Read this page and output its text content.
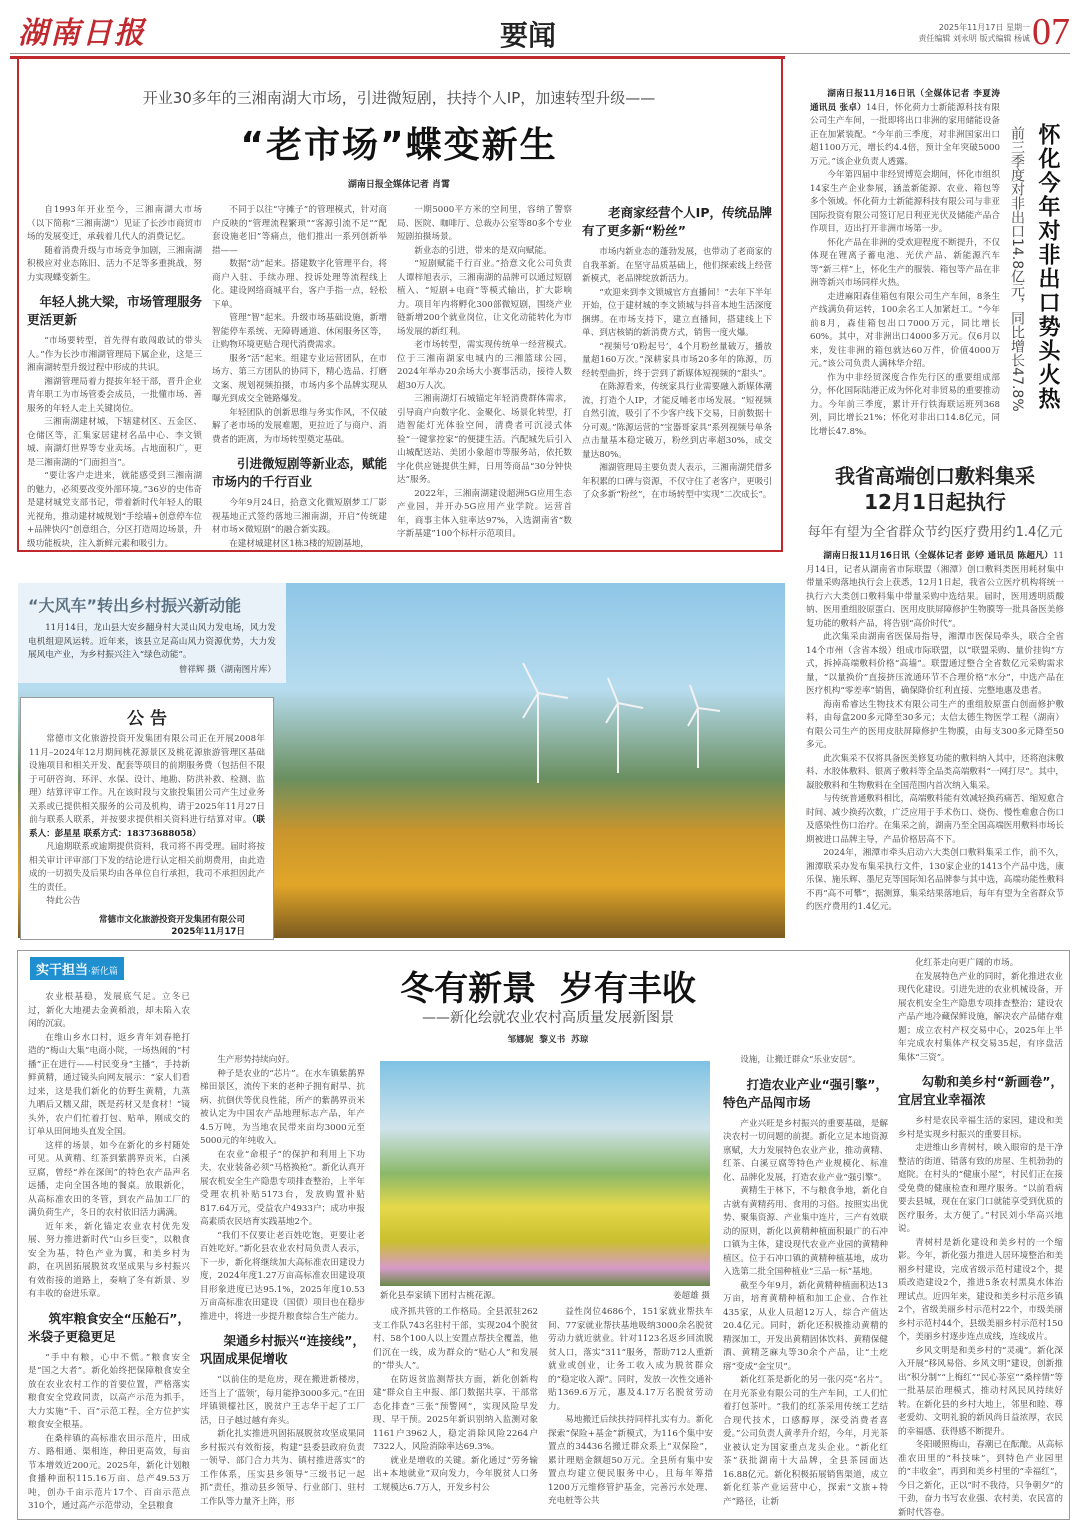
湖南日报	要闻	2025年11月17日 星期一
责任编辑 刘永明 版式编辑 杨诚 07
开业30多年的三湘南湖大市场，引进微短剧，扶持个人IP，加速转型升级——
“老市场”蝶变新生
湖南日报全媒体记者 肖霄

自1993年开业至今，三湘南湖大市场（以下简称“三湘南湖”）见证了长沙市商贸市场的发展变迁，承载着几代人的消费记忆。

随着消费升级与市场竞争加剧，三湘南湖积极应对业态陈旧、活力不足等多重挑战，努力实现蝶变新生。

年轻人挑大梁，市场管理服务
更活更新

“市场要转型，首先得有敢闯敢试的带头人。”作为长沙市湘湖管理局下属企业，这是三湘南湖转型升级过程中形成的共识。

湘湖管理局着力提拔年轻干部，晋升企业青年职工为市场管委会成员，一批懂市场、善服务的年轻人走上关键岗位。

三湘南湖建材城，下辖建材区、五金区、仓储区等，汇集家居建材名品中心、李文锁城、南湖灯世界等专业卖场。占地面积广，更是三湘南湖的“门面担当”。

“要让客户走进来，就能感受到三湘南湖的魅力，必须要改变外部环境。”36岁的史伟奇是建材城党支部书记，带着新时代年轻人的眼光视角，推动建材城规划“手绘墙+创意停车位+品牌快闪”创意组合，分区打造周边场景，升级功能板块，注入新鲜元素和吸引力。

不同于以往“守摊子”的管理模式，针对商户反映的“管理流程繁琐”“客源引流不足”“配套设施老旧”等痛点，他们推出一系列创新举措——

数据“动”起来。搭建数字化管理平台，将商户入驻、手续办理、投诉处理等流程线上化。建设网络商城平台，客户手指一点，轻松下单。

管理“智”起来。升级市场基础设施，新增智能停车系统、无障碍通道、休闲服务区等，让购物环境更贴合现代消费需求。

服务“活”起来。组建专业运营团队，在市场方、第三方团队的协同下，精心选品、打磨文案、规划视频拍摄，市场内多个品牌实现从曝光到成交全链路爆发。

年轻团队的创新思维与务实作风，不仅破解了老市场的发展难题，更拉近了与商户、消费者的距离，为市场转型奠定基础。

引进微短剧等新业态，赋能
市场内的千行百业

今年9月24日，拾意文化微短剧梦工厂影视基地正式签约落地三湘南湖，开启“传统建材市场×微短剧”的融合新实践。

在建材城建材区1栋3楼的短剧基地，

一期5000平方米的空间里，容纳了警察局、医院、咖啡厅、总裁办公室等80多个专业短剧拍摄场景。

新业态的引进，带来的是双向赋能。

“短剧赋能千行百业。”拾意文化公司负责人谭梓旭表示，三湘南湖的品牌可以通过短剧植入、“短剧+电商”等模式输出，扩大影响力。项目年内将孵化300部微短剧，围绕产业链新增200个就业岗位，让文化动能转化为市场发展的新红利。

老市场转型，需实现传统单一经营模式。位于三湘南湖家电城内的三湘篮球公园，2024年举办20余场大小赛事活动，接待人数超30万人次。

三湘南湖灯石城锚定年轻消费群体需求，引导商户向数字化、金聚化、场景化转型，打造智能灯光体验空间，清费者可沉浸式体验“一键掌控家”的便捷生活。汽配城先后引入山城配送站、美团小象超市等服务站，依托数字化供应链提供生鲜，日用等商品“30分钟快达”服务。

2022年，三湘南湖建设超洲5G应用生态产业园，并开办5G应用产业学院。运营首年，商事主体入驻率达97%，入选湖南省“数字新基建”100个标杆示范项目。

老商家经营个人IP，传统品牌
有了更多新“粉丝”

市场内新业态的蓬勃发展，也带动了老商家的自我革新。在坚守品质基础上，他们探索线上经营新模式，老品牌绽放新活力。

“欢迎来到李文锁城官方直播间！”去年下半年开始，位于建材城的李文锁城与抖音本地生活深度捆绑。在市场支持下，建立直播间，搭建线上下单、到店核销的新消费方式，销售一度火爆。

“视频号‘0粉起号’，4个月粉丝量破万，播放量超160万次。”深耕家具市场20多年的陈源，历经转型曲折，终于尝到了新媒体短视频的“甜头”。

在陈源看来，传统家具行业需要融入新媒体潮流，打造个人IP，才能反哺老市场发展。“短视频自然引流，吸引了不少客户线下交易，日前数据十分可观。”陈源运营的“宝器哥家具”系列视频号单条点击量基本稳定破万，粉丝到店率超30%，成交量达80%。

湘湖管理局主要负责人表示，三湘南湖凭借多年积累的口碑与资源，不仅守住了老客户，更吸引了众多新“粉丝”，在市场转型中实现“二次成长”。

湖南日报11月16日讯（全媒体记者 李夏涛 通讯员 张卓）14日，怀化荷力士新能源科技有限公司生产车间，一批即将出口非洲的家用储能设备正在加紧装配。“今年前三季度，对非洲国家出口超1100万元，增长约4.4倍，预计全年突破5000万元。”该企业负责人透露。

今年第四届中非经贸博览会期间，怀化市组织14家生产企业参展，涵盖新能源、农业、箱包等多个领域。怀化荷力士新能源科技有限公司与非亚国际投资有限公司签订尼日利亚光伏及储能产品合作项目，迈出打开非洲市场第一步。

怀化产品在非洲的受欢迎程度不断提升，不仅体现在锂离子蓄电池、光伏产品、新能源汽车等“新三样”上，怀化生产的服装、箱包等产品在非洲等新兴市场同样火热。

走进麻阳森佳箱包有限公司生产车间，8条生产线满负荷运转，100余名工人加紧赶工。“今年前8月，森佳箱包出口7000万元，同比增长60%。其中，对非洲出口4000多万元。仅6月以来，发往非洲的箱包就达60万件，价值4000万元。”该公司负责人满林华介绍。

作为中非经贸深度合作先行区的重要组成部分，怀化国际陆港正成为怀化对非贸易的重要推动力。今年前三季度，累计开行铁海联运班列368列，同比增长21%；怀化对非出口14.8亿元，同比增长47.8%。

怀化今年对非出口势头火热
前三季度对非出口14.8亿元，同比增长47.8%
我省高端创口敷料集采
12月1日起执行
每年有望为全省群众节约医疗费用约1.4亿元

湖南日报11月16日讯（全媒体记者 彭婷 通讯员 陈超凡）11月14日，记者从湖南省市际联盟（湘潭）创口敷料类医用耗材集中带量采购落地执行会上获悉，12月1日起，我省公立医疗机构将统一执行六大类创口敷料集中带量采购中选结果。届时，医用透明质酸钠、医用重组胶原蛋白、医用皮肤屏障修护生物膜等一批具备医美修复功能的敷料产品，将告别“高价时代”。

此次集采由湖南省医保局指导，湘潭市医保局牵头，联合全省14个市州（含省本级）组成市际联盟，以“联盟采购、量价挂钩”方式，拆掉高端敷料价格“高墙”。联盟通过整合全省数亿元采购需求量，“以量换价”直接挤压流通环节不合理价格“水分”，中选产品在医疗机构“零差率”销售，确保降价红利直接、完整地惠及患者。

海南希睿达生物技术有限公司生产的重组胶原蛋白创面修护敷料，由每盒200多元降至30多元；太信太德生物医学工程（湖南）有限公司生产的医用皮肤屏障修护生物膜，由每支300多元降至50多元。

此次集采不仅将具备医美修复功能的敷料纳入其中，还将泡沫敷料、水胶体敷料、银离子敷料等全品类高端敷料“一网打尽”。其中，凝胶敷料和生物敷料在全国范围内首次纳入集采。

与传统普通敷料相比，高端敷料能有效减轻换药痛苦、缩短愈合时间、减少换药次数，广泛应用于手术伤口、烧伤、慢性难愈合伤口及感染性伤口治疗。在集采之前，湖南乃至全国高端医用敷料市场长期被进口品牌主导，产品价格居高不下。

2024年，湘潭市牵头启动六大类创口敷料集采工作，前不久，湘潭联采办发布集采执行文件，130家企业的1413个产品中选，康乐保、施乐辉、墨尼克等国际知名品牌参与其中选，高端功能性敷料不再“高不可攀”，据测算，集采结果落地后，每年有望为全省群众节约医疗费用约1.4亿元。

“大风车”转出乡村振兴新动能
11月14日，龙山县大安乡翻身村大灵山风力发电场，风力发电机组迎风运转。近年来，该县立足高山风力资源优势，大力发展风电产业，为乡村振兴注入“绿色动能”。
曾祥辉 摄（湖南图片库）
公 告

常德市文化旅游投资开发集团有限公司正在开展2008年11月–2024年12月期间桃花源景区及桃花源旅游管理区基础设施项目和相关开发、配套等项目的前期服务费（包括但不限于可研咨询、环评、水保、设计、地勘、防洪补救、检测、监理）结算评审工作。凡在该时段与文旅投集团公司产生过业务关系或已提供相关服务的公司及机构，请于2025年11月27日前与联系人联系，并按要求提供相关资料进行结算对审。（联系人：彭星星 联系方式：18373688058）

凡逾期联系或逾期提供资料，我司将不再受理。届时将按相关审计评审部门下发的结论进行认定相关前期费用，由此造成的一切损失及后果均由各单位自行承担，我司不承担因此产生的责任。

特此公告

常德市文化旅游投资开发集团有限公司
2025年11月17日
实干担当·新化篇	冬有新景  岁有丰收
——新化绘就农业农村高质量发展新图景
邹娜妮  黎义书  苏琼

农业根基稳，发展底气足。立冬已过，新化大地褪去金黄稻浪，却未陷入农闲的沉寂。

在维山乡水口村，返乡青年刘春艳打造的“梅山大集”电商小院，一场热闹的“村播”正在进行——村民变身“主播”，手持新鲜黄精，通过镜头向网友展示：“家人们看过来，这是我们新化的仿野生黄精，九蒸九晒后又糯又甜，既是药材又是食材！”镜头外，农户们忙着打包、贴单，刚成交的订单从田间地头直发全国。

这样的场景，如今在新化的乡村随处可见。从黄精、红茶到紫鹊界贡米，白溪豆腐，曾经“养在深闺”的特色农产品声名远播，走向全国各地的餐桌。放眼新化，从高标准农田的冬管，到农产品加工厂的满负荷生产，冬日的农村依旧活力满满。

近年来，新化锚定农业农村优先发展、努力推进新时代“山乡巨变”，以粮食安全为基，特色产业为翼，和美乡村为韵，在巩固拓展脱贫攻坚成果与乡村振兴有效衔接的道路上，奏响了冬有新景、岁有丰收的奋进乐章。

筑牢粮食安全“压舱石”，
米袋子更稳更足

“手中有粮，心中不慌。”粮食安全是“国之大者”。新化始终把保障粮食安全放在农业农村工作的首要位置，严格落实粮食安全党政同责，以高产示范为抓手，大力实施“千、百”示范工程，全方位护实粮食安全根基。

在桑梓镇的高标准农田示范片，田成方、路相通、渠相连，种田更高效，每亩节本增效近200元。2025年，新化计划粮食播种面积115.16万亩、总产49.53万吨，创办千亩示范片17个、百亩示范点310个，通过高产示范带动，全县粮食

生产形势持续向好。

种子是农业的“芯片”。在水车镇紫鹊界梯田景区，流传下来的老种子拥有耐旱、抗病、抗倒伏等优良性能，所产的紫鹊界贡米被认定为中国农产品地理标志产品，年产4.5万吨，为当地农民带来亩均3000元至5000元的年纯收入。

在农业“命根子”的保护和利用上下功夫，农业装备必须“马格换枪”。新化认真开展农机安全生产隐患专项排查整治，上半年受理农机补贴5173台，发放购置补贴817.64万元，受益农户4933户；成功申报高素质农民培育实践基地2个。

“我们不仅要让老百姓吃饱，更要让老百姓吃好。”新化县农业农村局负责人表示，下一步，新化将继续加大高标准农田建设力度，2024年度1.27万亩高标准农田建设项目形象进度已达95.1%，2025年度10.53万亩高标准农田建设（国债）项目也在稳步推进中，将进一步提升粮食综合生产能力。

架通乡村振兴“连接线”，
巩固成果促增收

“以前住的是危房，现在搬进新楼房，还当上了‘蓝领’，每月能挣3000多元。”在田坪镇锁檬社区，脱贫户王志华干起了工厂活，日子越过越有奔头。

新化扎实推进巩固拓展脱贫攻坚成果同乡村振兴有效衔接，构建“县委县政府负责一领导、部门合力共为、镇村推进落实”的工作体系，压实县乡领导“三级书记一起抓”责任，推动县乡领导、行业部门、驻村工作队等力量齐上阵，形

新化县奉家镇下团村古桃花源。	姜超雄 摄

成齐抓共管的工作格局。全县派驻262支工作队743名驻村干部，实现204个脱贫村、58个100人以上安置点帮扶全覆盖，他们沉在一线，成为群众的“贴心人”和发展的“带头人”。

在防返贫监测帮扶方面，新化创新构建“群众自主申报、部门数据共享、干部常态化排查”三张“预警网”，实现风险早发现、早干预。2025年新识别纳入监测对象1161户3962人，稳定消除风险2264户7322人，风险消除率达69.3%。

就业是增收的关键。新化通过“劳务输出+本地就业”双向发力，今年脱贫人口务工规模达6.7万人，开发乡村公

益性岗位4686个，151家就业帮扶车间、77家就业帮扶基地吸纳3000余名脱贫劳动力就近就业。针对1123名返乡回流脱贫人口，落实“311”服务，帮助712人重新就业或创业，让务工收入成为脱贫群众的“稳定收入源”。同时，发放一次性交通补贴1369.6万元，惠及4.17万名脱贫劳动力。

易地搬迁后续扶持同样扎实有力。新化探索“保险+基金”新模式，为116个集中安置点的34436名搬迁群众系上“双保险”，累计理赔金额超50万元。全县所有集中安置点均建立便民服务中心，且每年筹措1200万元维修管护基金，完善污水处理、充电桩等公共

设施，让搬迁群众“乐业安居”。

打造农业产业“强引擎”，
特色产品闯市场

产业兴旺是乡村振兴的重要基础，是解决农村一切问题的前提。新化立足本地资源禀赋，大力发展特色农业产业，推动黄精、红茶、白溪豆腐等特色产业规模化、标准化、品牌化发展，打造农业产业“强引擎”。

黄精生于林下，不与粮食争地，新化自古就有黄精药用、食用的习俗。按照实出优势、聚集资源、产业集中连片，三产有效联动的原则，新化以黄精种植面积最广的石冲口镇为主体，建设现代农业产业园的黄精种植区。位于石冲口镇的黄精种植基地，成功入选第二批全国种植业“三品一标”基地。

截至今年9月，新化黄精种植面积达13万亩，培育黄精种植和加工企业、合作社435家，从业人员超12万人，综合产值达20.4亿元。同时，新化还积极推动黄精的精深加工，开发出黄精固体饮料、黄精保健酒、黄精芝麻丸等30余个产品，让“土疙瘩”变成“金宝贝”。

新化红茶是新化的另一张闪亮“名片”。在月光茶业有限公司的生产车间，工人们忙着打包茶叶。“我们的红茶采用传统工艺结合现代技术，口感醇厚，深受消费者喜爱。”公司负责人黄孝升介绍，今年，月光茶业被认定为国家重点龙头企业。“新化红茶”获批湖南十大品牌，全县茶园面达16.88亿元。新化积极拓展销售渠道，成立新化红茶产业运营中心，探索“文旅+特产”路径，让新

化红茶走向更广阔的市场。

在发展特色产业的同时，新化推进农业现代化建设。引进先进的农业机械设备，开展农机安全生产隐患专项排查整治；建设农产品产地冷藏保鲜设施，解决农产品储存难题；成立农村产权交易中心，2025年上半年完成农村集体产权交易35起，有序盘活集体“三资”。

勾勒和美乡村“新画卷”，
宜居宜业幸福浓

乡村是农民幸福生活的家园，建设和美乡村是实现乡村振兴的重要目标。

走进维山乡青树村，映入眼帘的是干净整洁的街道、错落有致的房屋、生机勃勃的庭院。在村头的“健康小屋”，村民们正在接受免费的健康检查和理疗服务。“以前看病要去县城，现在在家门口就能享受到优质的医疗服务，太方便了。”村民刘小华高兴地说。

青树村是新化建设和美乡村的一个缩影。今年，新化强力推进人居环境整治和美丽乡村建设，完成省级示范村建设2个，提质改造建设2个，推进5条农村黑臭水体治理试点。近四年来，建设和美乡村示范乡镇2个，省级美丽乡村示范村22个，市级美丽乡村示范村44个，县级美丽乡村示范村150个，美丽乡村逐步连点成线，连线成片。

乡风文明是和美乡村的“灵魂”。新化深入开展“移风易俗、乡风文明”建设，创新推出“积分制”“上梅红”“民心茶室”“桑梓情”等一批基层治理模式，推动村风民风持续好转。在新化县的乡村大地上，邻里和睦、尊老爱幼、文明礼貌的新风尚日益浓厚，农民的幸福感、获得感不断提升。

冬阳暖照梅山，春潮已在酝酿。从高标准农田里的“科技味”，到特色产业园里的“丰收金”，再到和美乡村里的“幸福红”，今日之新化，正以“时不我待，只争朝夕”的干劲，奋力书写农业强、农村美、农民富的新时代答卷。
